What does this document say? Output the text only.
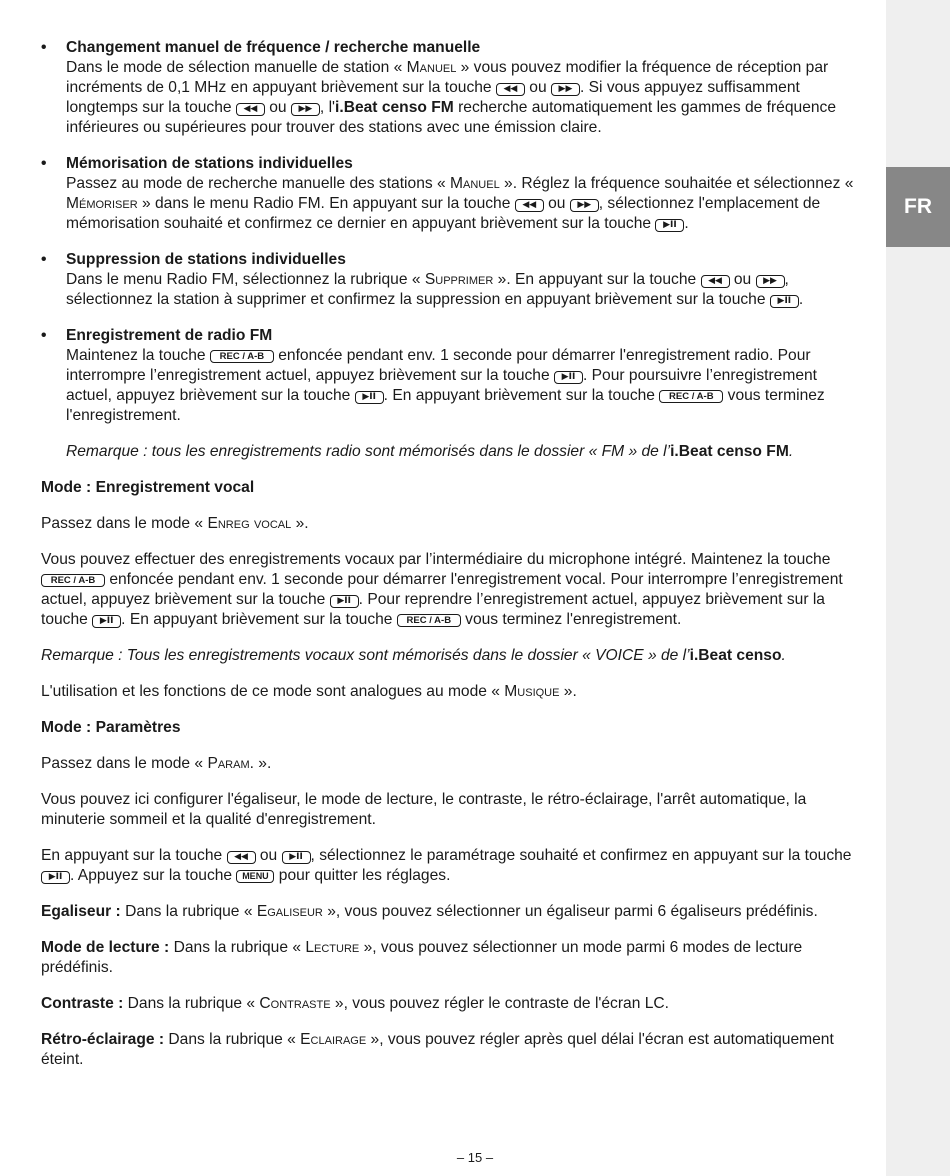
FR
• Changement manuel de fréquence / recherche manuelle
Dans le mode de sélection manuelle de station « Manuel » vous pouvez modifier la fréquence de réception par incréments de 0,1 MHz en appuyant brièvement sur la touche ◀◀ ou ▶▶ . Si vous appuyez suffisamment longtemps sur la touche ◀◀ ou ▶▶ , l'i.Beat censo FM recherche automatiquement les gammes de fréquence inférieures ou supérieures pour trouver des stations avec une émission claire.
• Mémorisation de stations individuelles
Passez au mode de recherche manuelle des stations « Manuel ». Réglez la fréquence souhaitée et sélectionnez « Mémoriser » dans le menu Radio FM. En appuyant sur la touche ◀◀ ou ▶▶ , sélectionnez l'emplacement de mémorisation souhaité et confirmez ce dernier en appuyant brièvement sur la touche ▶II .
• Suppression de stations individuelles
Dans le menu Radio FM, sélectionnez la rubrique « Supprimer ». En appuyant sur la touche ◀◀ ou ▶▶ , sélectionnez la station à supprimer et confirmez la suppression en appuyant brièvement sur la touche ▶II .
• Enregistrement de radio FM
Maintenez la touche REC / A-B enfoncée pendant env. 1 seconde pour démarrer l'enregistrement radio. Pour interrompre l’enregistrement actuel, appuyez brièvement sur la touche ▶II . Pour poursuivre l’enregistrement actuel, appuyez brièvement sur la touche ▶II . En appuyant brièvement sur la touche REC / A-B vous terminez l'enregistrement.

Remarque : tous les enregistrements radio sont mémorisés dans le dossier « FM » de l’i.Beat censo FM.

Mode : Enregistrement vocal

Passez dans le mode « Enreg vocal ».

Vous pouvez effectuer des enregistrements vocaux par l’intermédiaire du microphone intégré. Maintenez la touche REC / A-B enfoncée pendant env. 1 seconde pour démarrer l'enregistrement vocal. Pour interrompre l’enregistrement actuel, appuyez brièvement sur la touche ▶II . Pour reprendre l’enregistrement actuel, appuyez brièvement sur la touche ▶II . En appuyant brièvement sur la touche REC / A-B vous terminez l'enregistrement.

Remarque : Tous les enregistrements vocaux sont mémorisés dans le dossier « VOICE » de l’i.Beat censo.

L'utilisation et les fonctions de ce mode sont analogues au mode « Musique ».

Mode : Paramètres

Passez dans le mode « Param. ».

Vous pouvez ici configurer l'égaliseur, le mode de lecture, le contraste, le rétro-éclairage, l'arrêt automatique, la minuterie sommeil et la qualité d'enregistrement.

En appuyant sur la touche ◀◀ ou ▶II , sélectionnez le paramétrage souhaité et confirmez en appuyant sur la touche ▶II . Appuyez sur la touche MENU pour quitter les réglages.

Egaliseur : Dans la rubrique « Egaliseur », vous pouvez sélectionner un égaliseur parmi 6 égaliseurs prédéfinis.

Mode de lecture : Dans la rubrique « Lecture », vous pouvez sélectionner un mode parmi 6 modes de lecture prédéfinis.

Contraste : Dans la rubrique « Contraste », vous pouvez régler le contraste de l'écran LC.

Rétro-éclairage : Dans la rubrique « Eclairage », vous pouvez régler après quel délai l'écran est automatiquement éteint.

– 15 –
